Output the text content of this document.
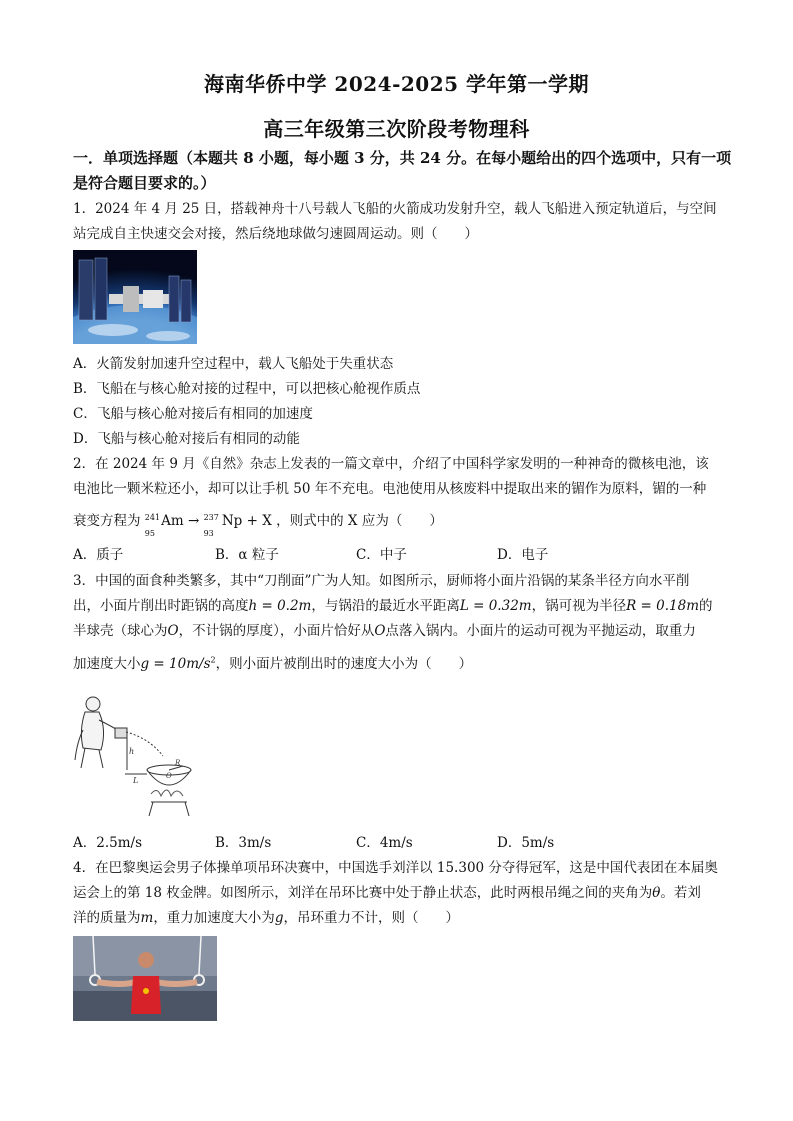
海南华侨中学 2024-2025 学年第一学期
高三年级第三次阶段考物理科
一．单项选择题（本题共 8 小题，每小题 3 分，共 24 分。在每小题给出的四个选项中，只有一项是符合题目要求的。）
1．2024 年 4 月 25 日，搭载神舟十八号载人飞船的火箭成功发射升空，载人飞船进入预定轨道后，与空间
站完成自主快速交会对接，然后绕地球做匀速圆周运动。则（　　）
A．火箭发射加速升空过程中，载人飞船处于失重状态
B．飞船在与核心舱对接的过程中，可以把核心舱视作质点
C．飞船与核心舱对接后有相同的加速度
D．飞船与核心舱对接后有相同的动能
2．在 2024 年 9 月《自然》杂志上发表的一篇文章中，介绍了中国科学家发明的一种神奇的微核电池，该
电池比一颗米粒还小，却可以让手机 50 年不充电。电池使用从核废料中提取出来的镅作为原料，镅的一种
衰变方程为 241
95
Am → 237
93
Np + X ，则式中的 X 应为（　　）
A．质子	B．α 粒子	C．中子	D．电子
3．中国的面食种类繁多，其中“刀削面”广为人知。如图所示，厨师将小面片沿锅的某条半径方向水平削
出，小面片削出时距锅的高度h = 0.2m，与锅沿的最近水平距离L = 0.32m，锅可视为半径R = 0.18m的
半球壳（球心为O，不计锅的厚度），小面片恰好从O点落入锅内。小面片的运动可视为平抛运动，取重力
加速度大小$g = 10m/s^2$，则小面片被削出时的速度大小为（　　）
h
L
R
O
A．2.5m/s	B．3m/s	C．4m/s	D．5m/s
4．在巴黎奥运会男子体操单项吊环决赛中，中国选手刘洋以 15.300 分夺得冠军，这是中国代表团在本届奥
运会上的第 18 枚金牌。如图所示，刘洋在吊环比赛中处于静止状态，此时两根吊绳之间的夹角为θ。若刘
洋的质量为m，重力加速度大小为g，吊环重力不计，则（　　）
